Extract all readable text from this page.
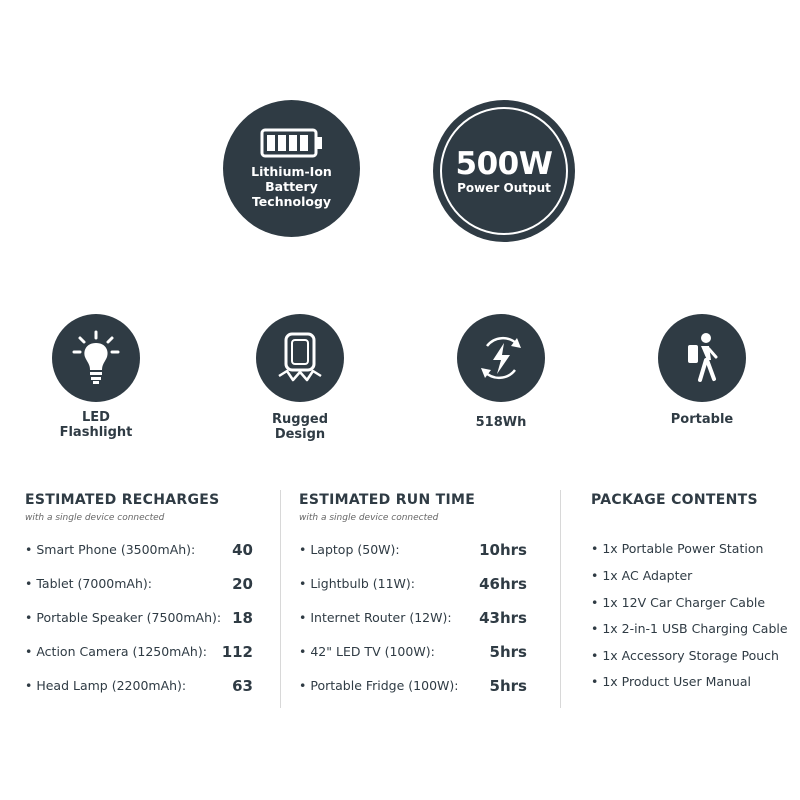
Lithium-Ion
Battery
Technology
500W
Power Output
LED
Flashlight
Rugged
Design
518Wh	Portable
ESTIMATED RECHARGES
with a single device connected
• Smart Phone (3500mAh): 40
• Tablet (7000mAh):	20
• Portable Speaker (7500mAh): 18
• Action Camera (1250mAh): 112
• Head Lamp (2200mAh):	63
ESTIMATED RUN TIME
with a single device connected
• Laptop (50W):	10hrs
• Lightbulb (11W):	46hrs
• Internet Router (12W): 43hrs
• 42" LED TV (100W):	5hrs
• Portable Fridge (100W): 5hrs
PACKAGE CONTENTS
• 1x Portable Power Station
• 1x AC Adapter
• 1x 12V Car Charger Cable
• 1x 2-in-1 USB Charging Cable
• 1x Accessory Storage Pouch
• 1x Product User Manual
